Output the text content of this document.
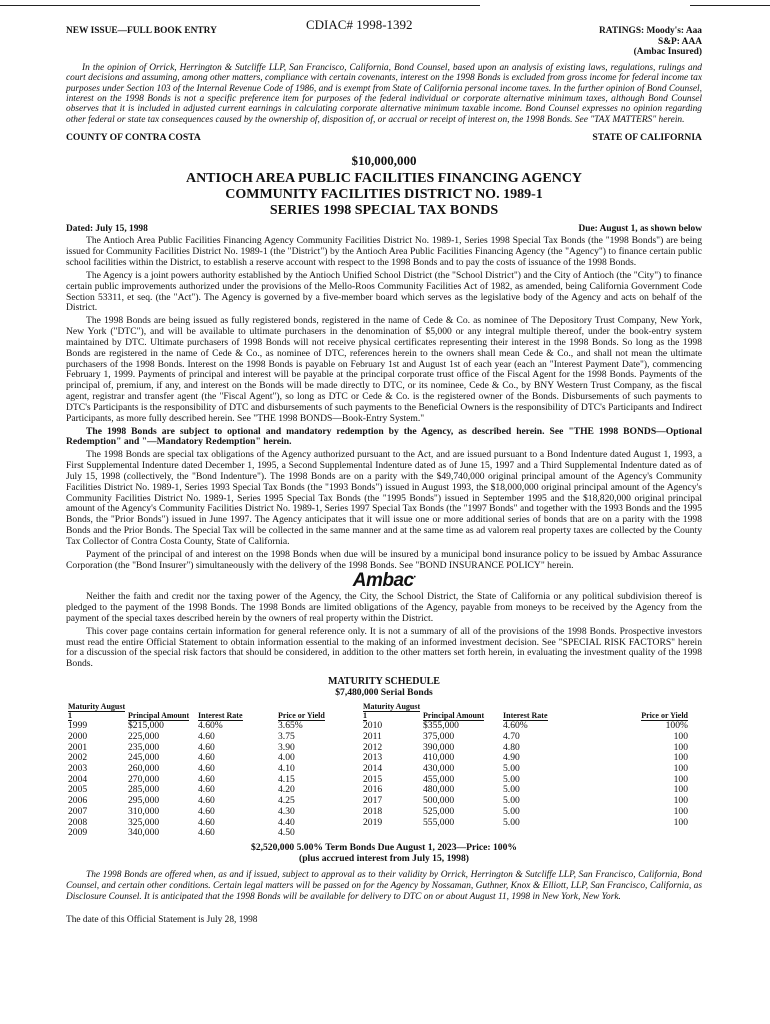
NEW ISSUE—FULL BOOK ENTRY	CDIAC# 1998-1392	RATINGS: Moody's: Aaa
S&P: AAA
(Ambac Insured)

In the opinion of Orrick, Herrington & Sutcliffe LLP, San Francisco, California, Bond Counsel, based upon an analysis of existing laws, regulations, rulings and court decisions and assuming, among other matters, compliance with certain covenants, interest on the 1998 Bonds is excluded from gross income for federal income tax purposes under Section 103 of the Internal Revenue Code of 1986, and is exempt from State of California personal income taxes. In the further opinion of Bond Counsel, interest on the 1998 Bonds is not a specific preference item for purposes of the federal individual or corporate alternative minimum taxes, although Bond Counsel observes that it is included in adjusted current earnings in calculating corporate alternative minimum taxable income. Bond Counsel expresses no opinion regarding other federal or state tax consequences caused by the ownership of, disposition of, or accrual or receipt of interest on, the 1998 Bonds. See "TAX MATTERS" herein.

COUNTY OF CONTRA COSTA	STATE OF CALIFORNIA
$10,000,000
ANTIOCH AREA PUBLIC FACILITIES FINANCING AGENCY
COMMUNITY FACILITIES DISTRICT NO. 1989-1
SERIES 1998 SPECIAL TAX BONDS
Dated: July 15, 1998	Due: August 1, as shown below

The Antioch Area Public Facilities Financing Agency Community Facilities District No. 1989-1, Series 1998 Special Tax Bonds (the "1998 Bonds") are being issued for Community Facilities District No. 1989-1 (the "District") by the Antioch Area Public Facilities Financing Agency (the "Agency") to finance certain public school facilities within the District, to establish a reserve account with respect to the 1998 Bonds and to pay the costs of issuance of the 1998 Bonds.

The Agency is a joint powers authority established by the Antioch Unified School District (the "School District") and the City of Antioch (the "City") to finance certain public improvements authorized under the provisions of the Mello-Roos Community Facilities Act of 1982, as amended, being California Government Code Section 53311, et seq. (the "Act"). The Agency is governed by a five-member board which serves as the legislative body of the Agency and acts on behalf of the District.

The 1998 Bonds are being issued as fully registered bonds, registered in the name of Cede & Co. as nominee of The Depository Trust Company, New York, New York ("DTC"), and will be available to ultimate purchasers in the denomination of $5,000 or any integral multiple thereof, under the book-entry system maintained by DTC. Ultimate purchasers of 1998 Bonds will not receive physical certificates representing their interest in the 1998 Bonds. So long as the 1998 Bonds are registered in the name of Cede & Co., as nominee of DTC, references herein to the owners shall mean Cede & Co., and shall not mean the ultimate purchasers of the 1998 Bonds. Interest on the 1998 Bonds is payable on February 1st and August 1st of each year (each an "Interest Payment Date"), commencing February 1, 1999. Payments of principal and interest will be payable at the principal corporate trust office of the Fiscal Agent for the 1998 Bonds. Payments of the principal of, premium, if any, and interest on the Bonds will be made directly to DTC, or its nominee, Cede & Co., by BNY Western Trust Company, as the fiscal agent, registrar and transfer agent (the "Fiscal Agent"), so long as DTC or Cede & Co. is the registered owner of the Bonds. Disbursements of such payments to DTC's Participants is the responsibility of DTC and disbursements of such payments to the Beneficial Owners is the responsibility of DTC's Participants and Indirect Participants, as more fully described herein. See "THE 1998 BONDS—Book-Entry System."

The 1998 Bonds are subject to optional and mandatory redemption by the Agency, as described herein. See "THE 1998 BONDS—Optional Redemption" and "—Mandatory Redemption" herein.

The 1998 Bonds are special tax obligations of the Agency authorized pursuant to the Act, and are issued pursuant to a Bond Indenture dated August 1, 1993, a First Supplemental Indenture dated December 1, 1995, a Second Supplemental Indenture dated as of June 15, 1997 and a Third Supplemental Indenture dated as of July 15, 1998 (collectively, the "Bond Indenture"). The 1998 Bonds are on a parity with the $49,740,000 original principal amount of the Agency's Community Facilities District No. 1989-1, Series 1993 Special Tax Bonds (the "1993 Bonds") issued in August 1993, the $18,000,000 original principal amount of the Agency's Community Facilities District No. 1989-1, Series 1995 Special Tax Bonds (the "1995 Bonds") issued in September 1995 and the $18,820,000 original principal amount of the Agency's Community Facilities District No. 1989-1, Series 1997 Special Tax Bonds (the "1997 Bonds" and together with the 1993 Bonds and the 1995 Bonds, the "Prior Bonds") issued in June 1997. The Agency anticipates that it will issue one or more additional series of bonds that are on a parity with the 1998 Bonds and the Prior Bonds. The Special Tax will be collected in the same manner and at the same time as ad valorem real property taxes are collected by the County Tax Collector of Contra Costa County, State of California.

Payment of the principal of and interest on the 1998 Bonds when due will be insured by a municipal bond insurance policy to be issued by Ambac Assurance Corporation (the "Bond Insurer") simultaneously with the delivery of the 1998 Bonds. See "BOND INSURANCE POLICY" herein.

Ambac•

Neither the faith and credit nor the taxing power of the Agency, the City, the School District, the State of California or any political subdivision thereof is pledged to the payment of the 1998 Bonds. The 1998 Bonds are limited obligations of the Agency, payable from moneys to be received by the Agency from the payment of the special taxes described herein by the owners of real property within the District.

This cover page contains certain information for general reference only. It is not a summary of all of the provisions of the 1998 Bonds. Prospective investors must read the entire Official Statement to obtain information essential to the making of an informed investment decision. See "SPECIAL RISK FACTORS" herein for a discussion of the special risk factors that should be considered, in addition to the other matters set forth herein, in evaluating the investment quality of the 1998 Bonds.

MATURITY SCHEDULE
$7,480,000 Serial Bonds
Maturity August 1	Principal Amount	Interest Rate	Price or Yield	Maturity August 1	Principal Amount	Interest Rate	Price or Yield
1999	$215,000	4.60%	3.65%	2010	$355,000	4.60%	100%
2000	225,000	4.60	3.75	2011	375,000	4.70	100
2001	235,000	4.60	3.90	2012	390,000	4.80	100
2002	245,000	4.60	4.00	2013	410,000	4.90	100
2003	260,000	4.60	4.10	2014	430,000	5.00	100
2004	270,000	4.60	4.15	2015	455,000	5.00	100
2005	285,000	4.60	4.20	2016	480,000	5.00	100
2006	295,000	4.60	4.25	2017	500,000	5.00	100
2007	310,000	4.60	4.30	2018	525,000	5.00	100
2008	325,000	4.60	4.40	2019	555,000	5.00	100
2009	340,000	4.60	4.50				
$2,520,000 5.00% Term Bonds Due August 1, 2023—Price: 100%
(plus accrued interest from July 15, 1998)

The 1998 Bonds are offered when, as and if issued, subject to approval as to their validity by Orrick, Herrington & Sutcliffe LLP, San Francisco, California, Bond Counsel, and certain other conditions. Certain legal matters will be passed on for the Agency by Nossaman, Guthner, Knox & Elliott, LLP, San Francisco, California, as Disclosure Counsel. It is anticipated that the 1998 Bonds will be available for delivery to DTC on or about August 11, 1998 in New York, New York.

The date of this Official Statement is July 28, 1998
